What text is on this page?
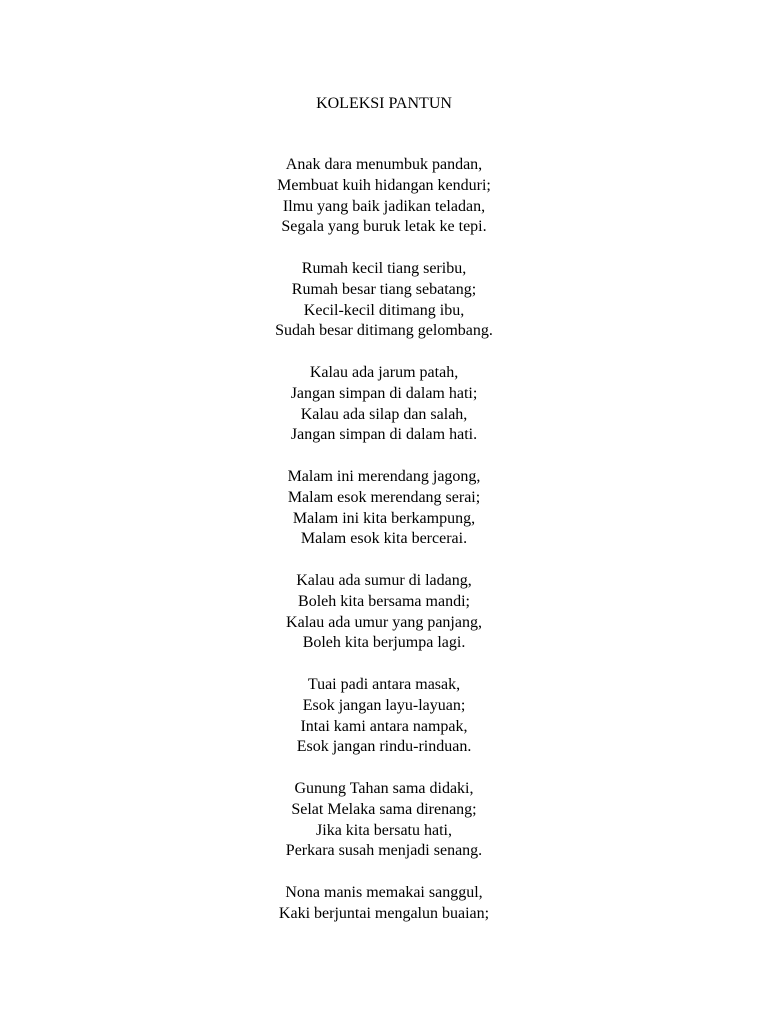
KOLEKSI PANTUN
Anak dara menumbuk pandan,
Membuat kuih hidangan kenduri;
Ilmu yang baik jadikan teladan,
Segala yang buruk letak ke tepi.
Rumah kecil tiang seribu,
Rumah besar tiang sebatang;
Kecil-kecil ditimang ibu,
Sudah besar ditimang gelombang.
Kalau ada jarum patah,
Jangan simpan di dalam hati;
Kalau ada silap dan salah,
Jangan simpan di dalam hati.
Malam ini merendang jagong,
Malam esok merendang serai;
Malam ini kita berkampung,
Malam esok kita bercerai.
Kalau ada sumur di ladang,
Boleh kita bersama mandi;
Kalau ada umur yang panjang,
Boleh kita berjumpa lagi.
Tuai padi antara masak,
Esok jangan layu-layuan;
Intai kami antara nampak,
Esok jangan rindu-rinduan.
Gunung Tahan sama didaki,
Selat Melaka sama direnang;
Jika kita bersatu hati,
Perkara susah menjadi senang.
Nona manis memakai sanggul,
Kaki berjuntai mengalun buaian;
